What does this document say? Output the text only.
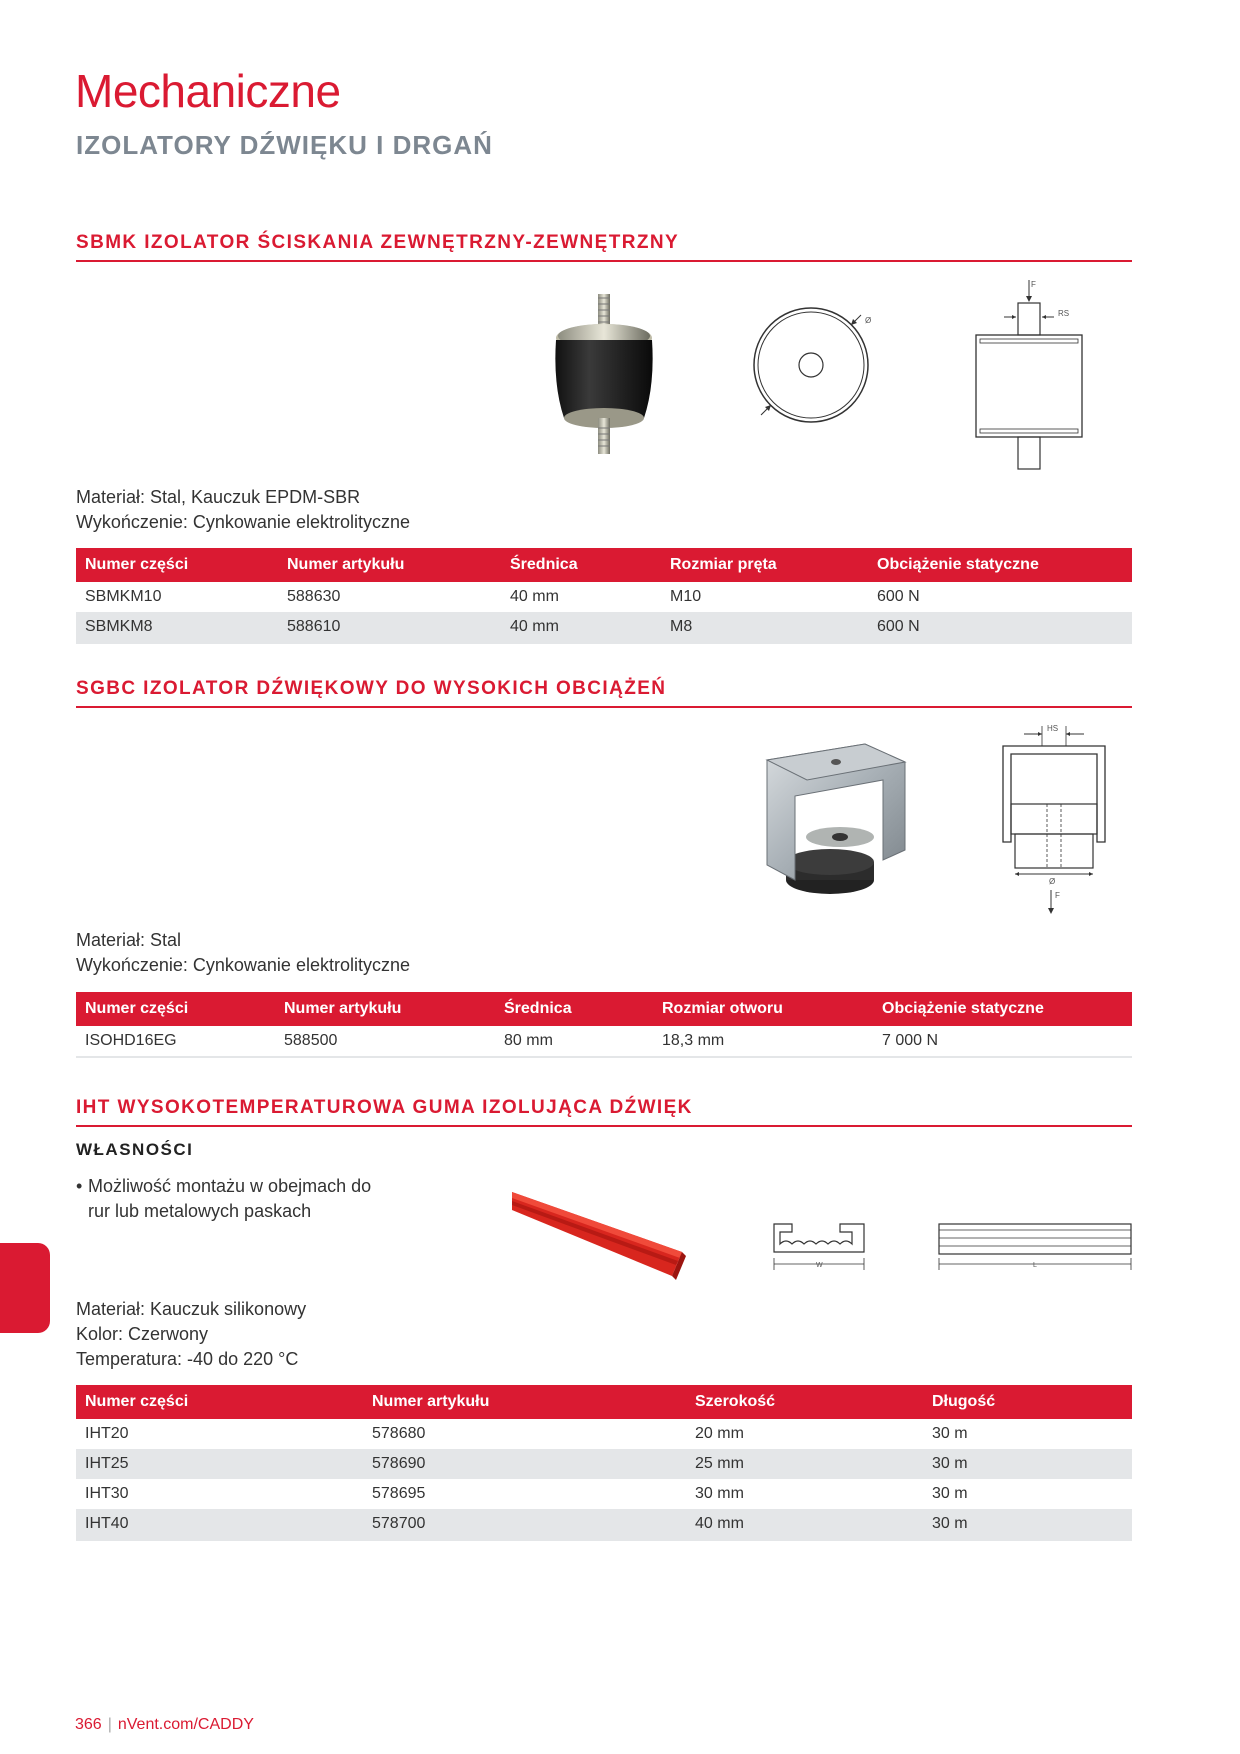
Mechaniczne
IZOLATORY DŹWIĘKU I DRGAŃ
SBMK IZOLATOR ŚCISKANIA ZEWNĘTRZNY-ZEWNĘTRZNY
Ø
F
RS
Materiał: Stal, Kauczuk EPDM-SBR
Wykończenie: Cynkowanie elektrolityczne
Numer części	Numer artykułu	Średnica	Rozmiar pręta	Obciążenie statyczne
SBMKM10	588630	40 mm	M10	600 N
SBMKM8	588610	40 mm	M8	600 N
SGBC IZOLATOR DŹWIĘKOWY DO WYSOKICH OBCIĄŻEŃ
HS
Ø
F
Materiał: Stal
Wykończenie: Cynkowanie elektrolityczne
Numer części	Numer artykułu	Średnica	Rozmiar otworu	Obciążenie statyczne
ISOHD16EG	588500	80 mm	18,3 mm	7 000 N
IHT WYSOKOTEMPERATUROWA GUMA IZOLUJĄCA DŹWIĘK
WŁASNOŚCI
• Możliwość montażu w obejmach do rur lub metalowych paskach
W	L
Materiał: Kauczuk silikonowy
Kolor: Czerwony
Temperatura: -40 do 220 °C
Numer części	Numer artykułu	Szerokość	Długość
IHT20	578680	20 mm	30 m
IHT25	578690	25 mm	30 m
IHT30	578695	30 mm	30 m
IHT40	578700	40 mm	30 m
366 | nVent.com/CADDY
